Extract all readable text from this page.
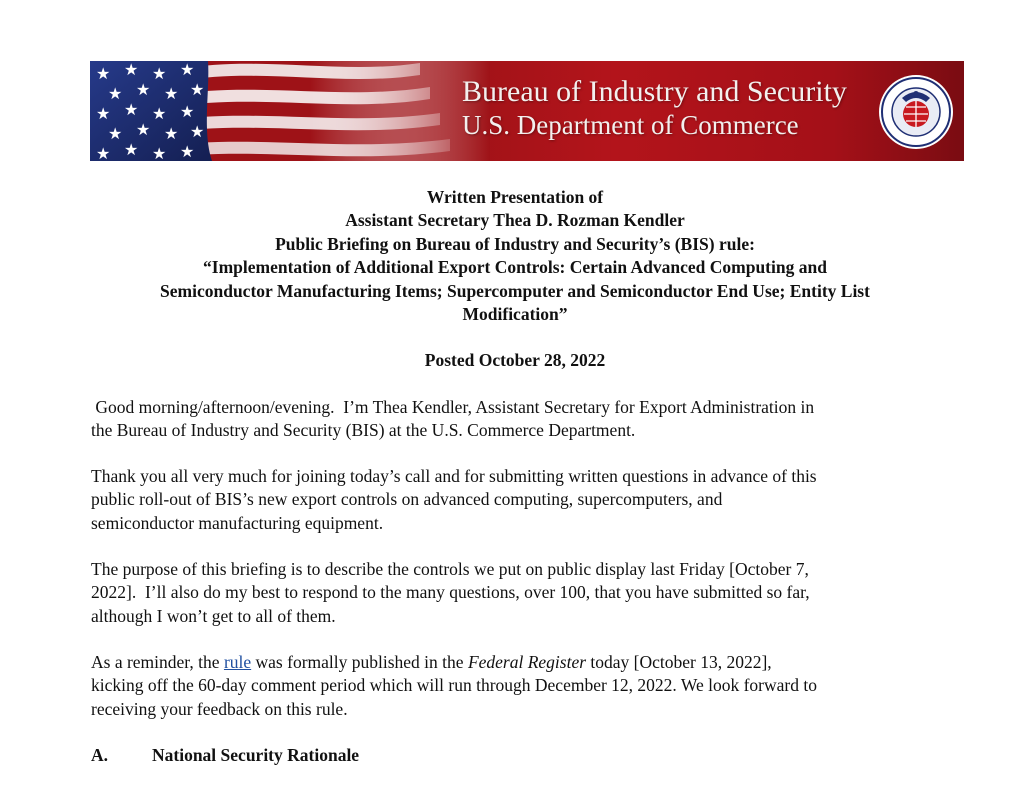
★ ★ ★ ★
★ ★ ★ ★
★ ★ ★ ★
★ ★ ★ ★
★ ★ ★ ★
Bureau of Industry and Security
U.S. Department of Commerce
Written Presentation of
Assistant Secretary Thea D. Rozman Kendler
Public Briefing on Bureau of Industry and Security’s (BIS) rule:
“Implementation of Additional Export Controls: Certain Advanced Computing and
Semiconductor Manufacturing Items; Supercomputer and Semiconductor End Use; Entity List
Modification”
Posted October 28, 2022
Good morning/afternoon/evening.  I’m Thea Kendler, Assistant Secretary for Export Administration in
the Bureau of Industry and Security (BIS) at the U.S. Commerce Department.
Thank you all very much for joining today’s call and for submitting written questions in advance of this
public roll-out of BIS’s new export controls on advanced computing, supercomputers, and
semiconductor manufacturing equipment.
The purpose of this briefing is to describe the controls we put on public display last Friday [October 7,
2022].  I’ll also do my best to respond to the many questions, over 100, that you have submitted so far,
although I won’t get to all of them.
As a reminder, the rule was formally published in the Federal Register today [October 13, 2022],
kicking off the 60-day comment period which will run through December 12, 2022. We look forward to
receiving your feedback on this rule.
A.	National Security Rationale
